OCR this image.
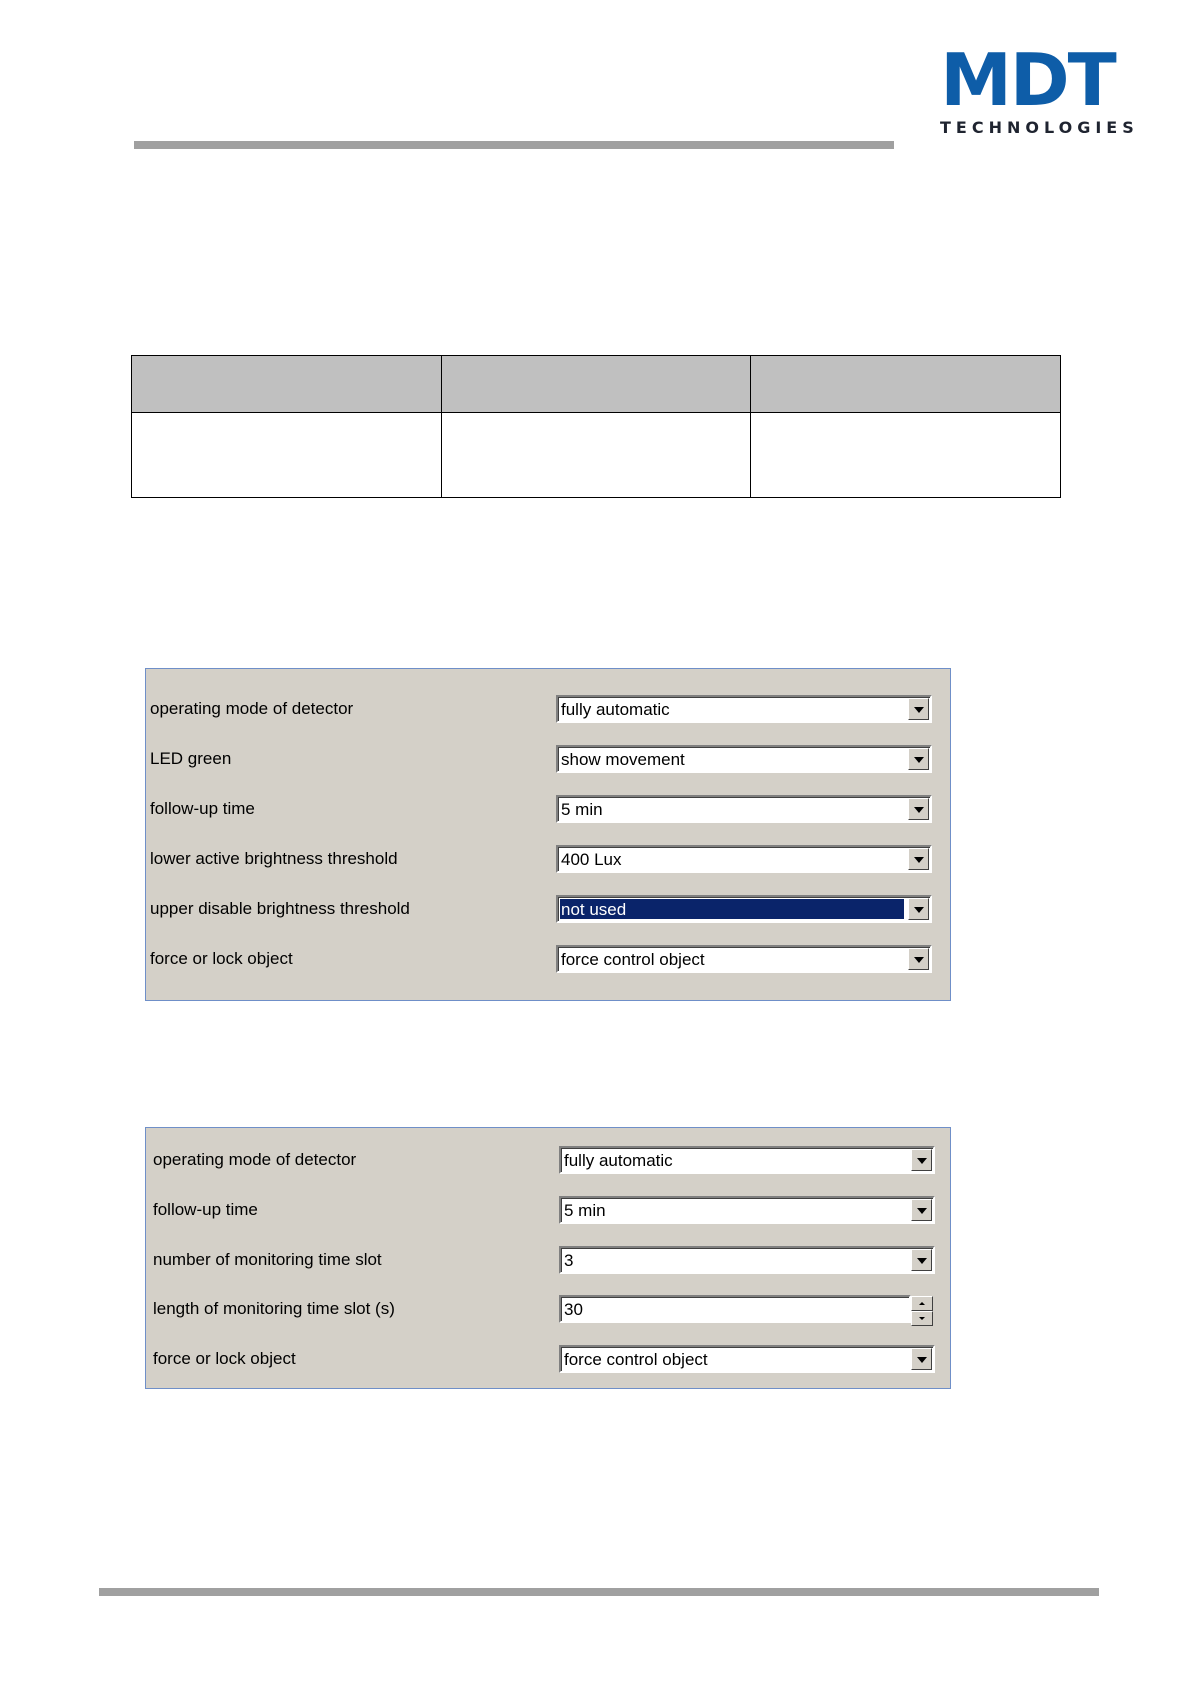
MDT
TECHNOLOGIES

operating mode of detector	fully automatic
LED green	show movement
follow-up time	5 min
lower active brightness threshold	400 Lux
upper disable brightness threshold	not used
force or lock object	force control object
operating mode of detector	fully automatic
follow-up time	5 min
number of monitoring time slot	3
length of monitoring time slot (s)	30
force or lock object	force control object
